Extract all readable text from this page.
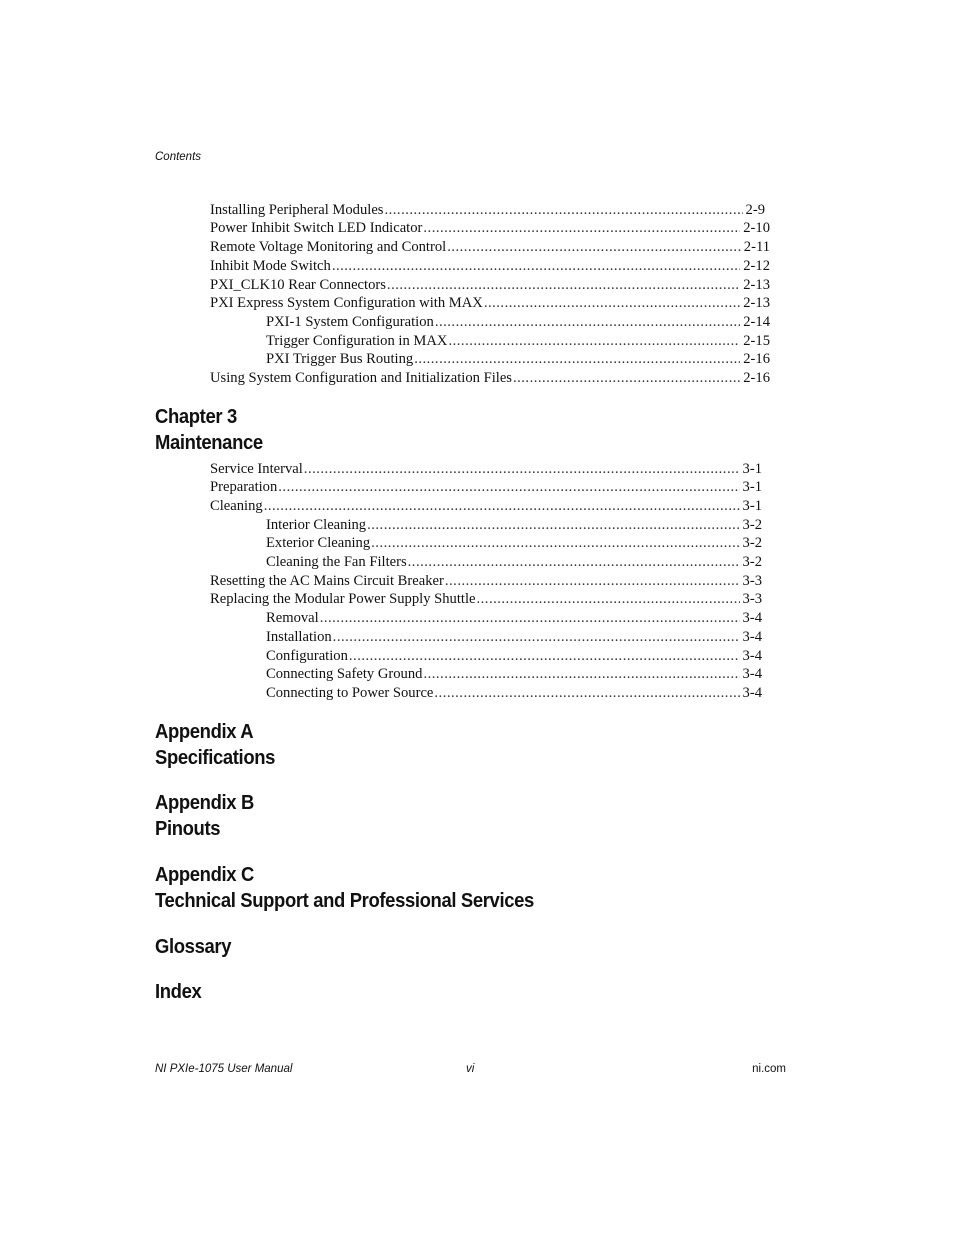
Contents
Installing Peripheral Modules .....	2-9
Power Inhibit Switch LED Indicator .....	2-10
Remote Voltage Monitoring and Control .....	2-11
Inhibit Mode Switch .....	2-12
PXI_CLK10 Rear Connectors .....	2-13
PXI Express System Configuration with MAX .....	2-13
PXI-1 System Configuration .....	2-14
Trigger Configuration in MAX .....	2-15
PXI Trigger Bus Routing .....	2-16
Using System Configuration and Initialization Files .....	2-16
Chapter 3
Maintenance
Service Interval .....	3-1
Preparation .....	3-1
Cleaning .....	3-1
Interior Cleaning .....	3-2
Exterior Cleaning .....	3-2
Cleaning the Fan Filters .....	3-2
Resetting the AC Mains Circuit Breaker .....	3-3
Replacing the Modular Power Supply Shuttle .....	3-3
Removal .....	3-4
Installation .....	3-4
Configuration .....	3-4
Connecting Safety Ground .....	3-4
Connecting to Power Source .....	3-4
Appendix A
Specifications
Appendix B
Pinouts
Appendix C
Technical Support and Professional Services
Glossary
Index
NI PXIe-1075 User Manual	vi	ni.com
